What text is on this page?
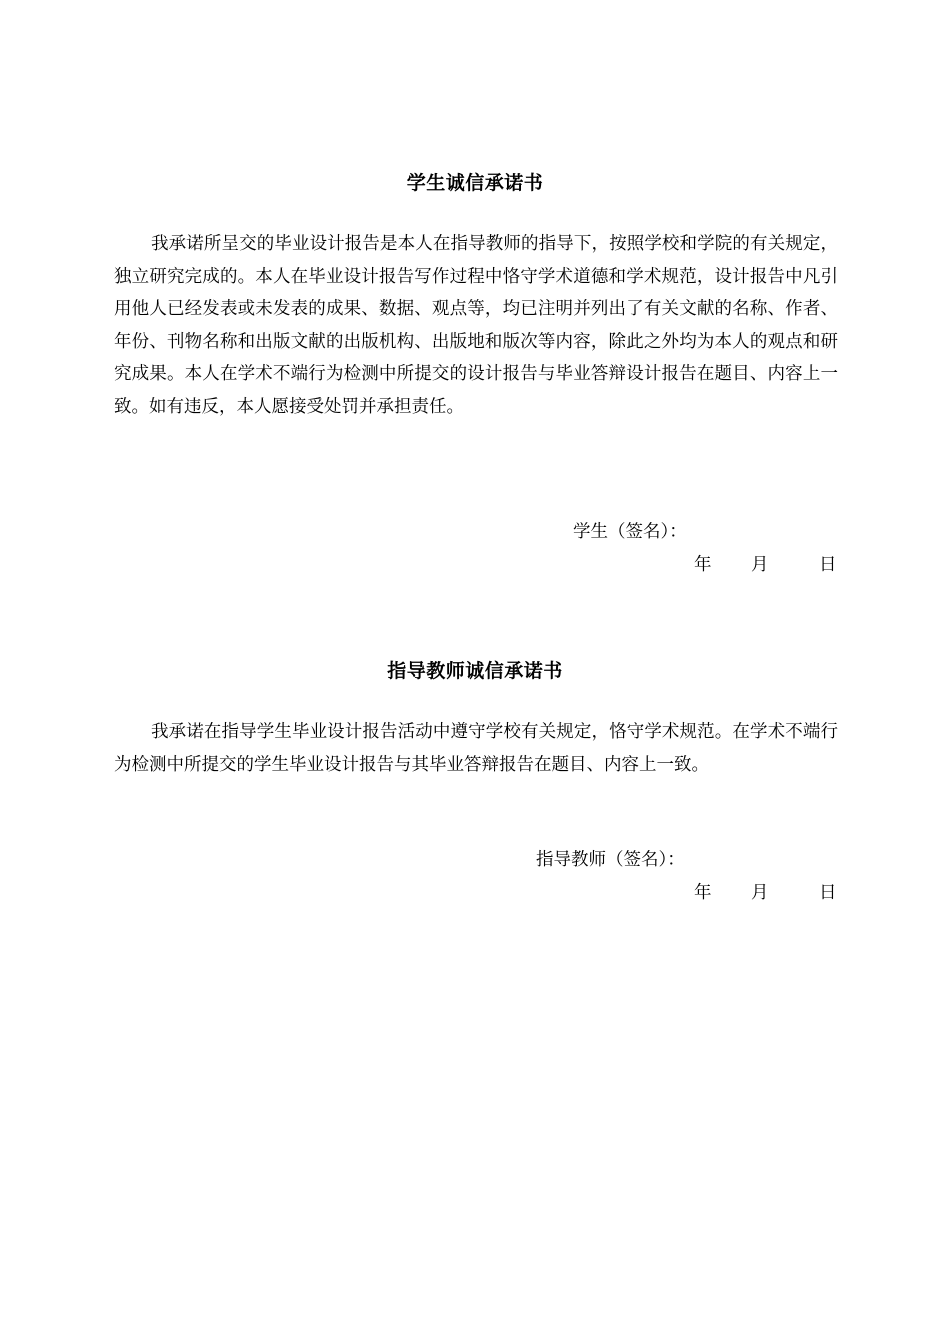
学生诚信承诺书
我承诺所呈交的毕业设计报告是本人在指导教师的指导下，按照学校和学院的有关规定，独立研究完成的。本人在毕业设计报告写作过程中恪守学术道德和学术规范，设计报告中凡引用他人已经发表或未发表的成果、数据、观点等，均已注明并列出了有关文献的名称、作者、年份、刊物名称和出版文献的出版机构、出版地和版次等内容，除此之外均为本人的观点和研究成果。本人在学术不端行为检测中所提交的设计报告与毕业答辩设计报告在题目、内容上一致。如有违反，本人愿接受处罚并承担责任。
学生（签名）：
年 月	日
指导教师诚信承诺书
我承诺在指导学生毕业设计报告活动中遵守学校有关规定，恪守学术规范。在学术不端行为检测中所提交的学生毕业设计报告与其毕业答辩报告在题目、内容上一致。
指导教师（签名）：
年 月	日
